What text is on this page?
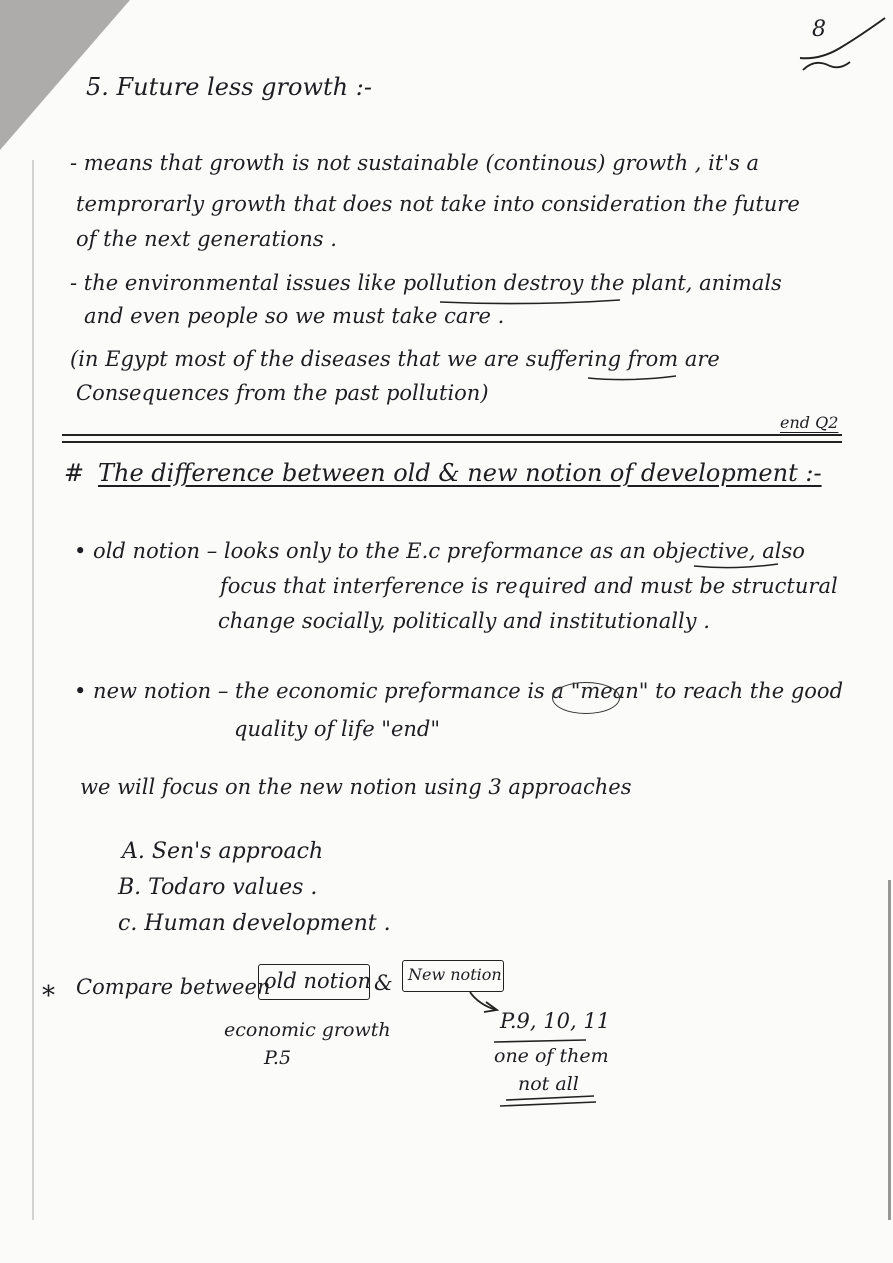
8
5. Future less growth :-
- means that growth is not sustainable (continous) growth , it's a
temprorarly growth that does not take into consideration the future
of the next generations .
- the environmental issues like pollution destroy the plant, animals
and even people so we must take care .
(in Egypt most of the diseases that we are suffering from are
Consequences from the past pollution)
end Q2
# The difference between old & new notion of development :-
• old notion – looks only to the E.c preformance as an objective, also
focus that interference is required and must be structural
change socially, politically and institutionally .
• new notion – the economic preformance is a "mean" to reach the good
quality of life "end"
we will focus on the new notion using 3 approaches
A. Sen's approach
B. Todaro values .
c. Human development .
* Compare between
old notion & New notion
economic growth
P.5
P.9, 10, 11
one of them
not all
